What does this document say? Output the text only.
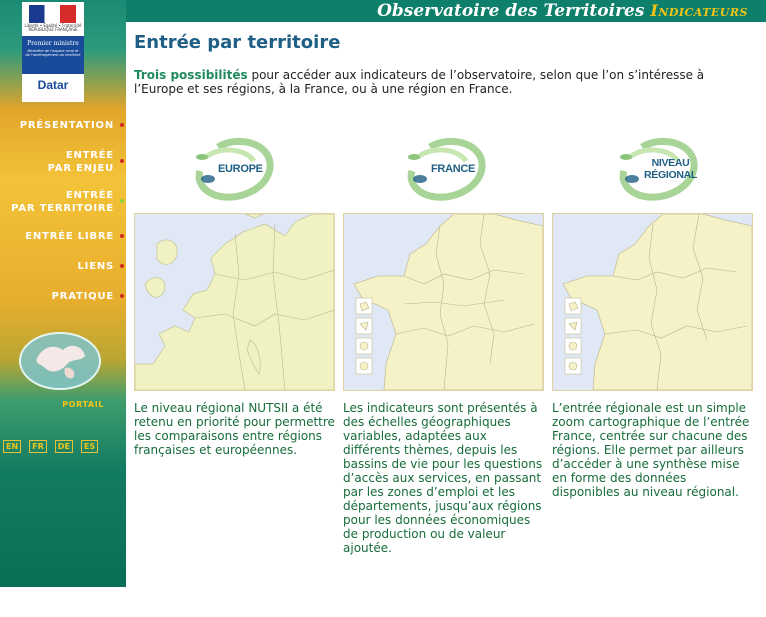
Observatoire des Territoires Indicateurs
Liberté • Égalité • Fraternité RÉPUBLIQUE FRANÇAISE
Premier ministre
Ministère de l'espace rural et de l'aménagement du territoire
Datar
PRÉSENTATION
ENTRÉE
PAR ENJEU
ENTRÉE
PAR TERRITOIRE
ENTRÉE LIBRE
LIENS
PRATIQUE
PORTAIL
EN	FR	DE	ES
Entrée par territoire

Trois possibilités pour accéder aux indicateurs de l’observatoire, selon que l’on s’intéresse à l’Europe et ses régions, à la France, ou à une région en France.

EUROPE	FRANCE	NIVEAU
RÉGIONAL

Le niveau régional NUTSII a été retenu en priorité pour permettre les comparaisons entre régions françaises et européennes.

Les indicateurs sont présentés à des échelles géographiques variables, adaptées aux différents thèmes, depuis les bassins de vie pour les questions d’accès aux services, en passant par les zones d’emploi et les départements, jusqu’aux régions pour les données économiques de production ou de valeur ajoutée.

L’entrée régionale est un simple zoom cartographique de l’entrée France, centrée sur chacune des régions. Elle permet par ailleurs d’accéder à une synthèse mise en forme des données disponibles au niveau régional.
